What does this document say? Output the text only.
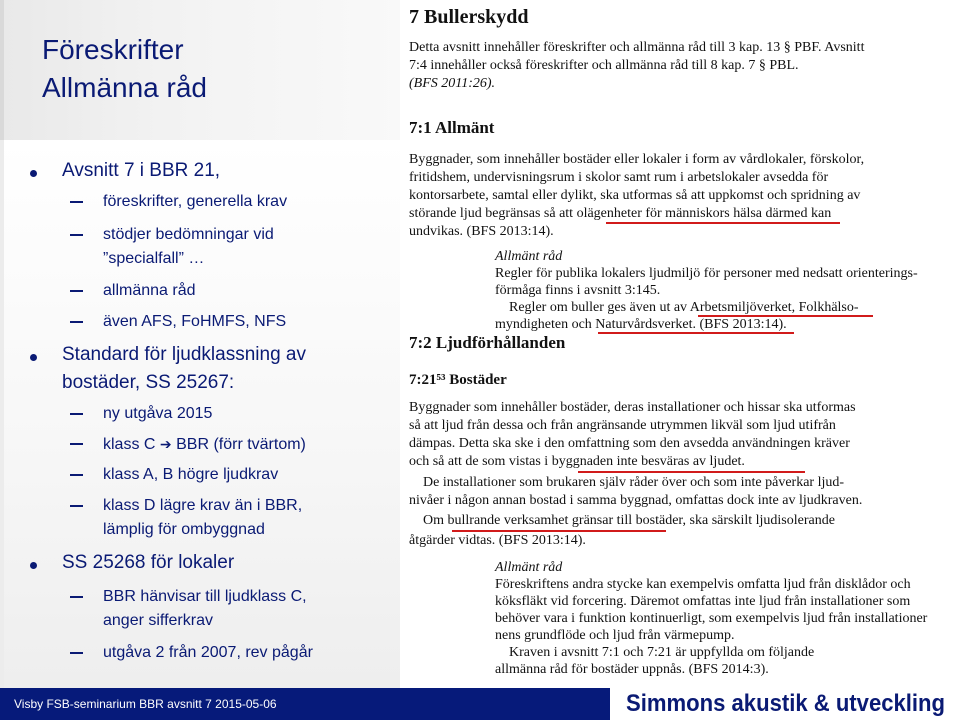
Föreskrifter
Allmänna råd
Avsnitt 7 i BBR 21,
föreskrifter, generella krav
stödjer bedömningar vid
”specialfall” …
allmänna råd
även AFS, FoHMFS, NFS
Standard för ljudklassning av
bostäder, SS 25267:
ny utgåva 2015
klass C ➔ BBR (förr tvärtom)
klass A, B högre ljudkrav
klass D lägre krav än i BBR,
lämplig för ombyggnad
SS 25268 för lokaler
BBR hänvisar till ljudklass C,
anger sifferkrav
utgåva 2 från 2007, rev pågår
Visby FSB-seminarium BBR avsnitt 7 2015-05-06	Simmons akustik & utveckling
7 Bullerskydd
Detta avsnitt innehåller föreskrifter och allmänna råd till 3 kap. 13 § PBF. Avsnitt
7:4 innehåller också föreskrifter och allmänna råd till 8 kap. 7 § PBL.
(BFS 2011:26).
7:1 Allmänt
Byggnader, som innehåller bostäder eller lokaler i form av vårdlokaler, förskolor,
fritidshem, undervisningsrum i skolor samt rum i arbetslokaler avsedda för
kontorsarbete, samtal eller dylikt, ska utformas så att uppkomst och spridning av
störande ljud begränsas så att olägenheter för människors hälsa därmed kan
undvikas. (BFS 2013:14).
Allmänt råd
Regler för publika lokalers ljudmiljö för personer med nedsatt orienterings-
förmåga finns i avsnitt 3:145.
Regler om buller ges även ut av Arbetsmiljöverket, Folkhälso-
myndigheten och Naturvårdsverket. (BFS 2013:14).
7:2 Ljudförhållanden
7:21⁵³ Bostäder
Byggnader som innehåller bostäder, deras installationer och hissar ska utformas
så att ljud från dessa och från angränsande utrymmen likväl som ljud utifrån
dämpas. Detta ska ske i den omfattning som den avsedda användningen kräver
och så att de som vistas i byggnaden inte besväras av ljudet.
De installationer som brukaren själv råder över och som inte påverkar ljud-
nivåer i någon annan bostad i samma byggnad, omfattas dock inte av ljudkraven.
Om bullrande verksamhet gränsar till bostäder, ska särskilt ljudisolerande
åtgärder vidtas. (BFS 2013:14).
Allmänt råd
Föreskriftens andra stycke kan exempelvis omfatta ljud från disklådor och
köksfläkt vid forcering. Däremot omfattas inte ljud från installationer som
behöver vara i funktion kontinuerligt, som exempelvis ljud från installationer
nens grundflöde och ljud från värmepump.
Kraven i avsnitt 7:1 och 7:21 är uppfyllda om följande
allmänna råd för bostäder uppnås. (BFS 2014:3).
